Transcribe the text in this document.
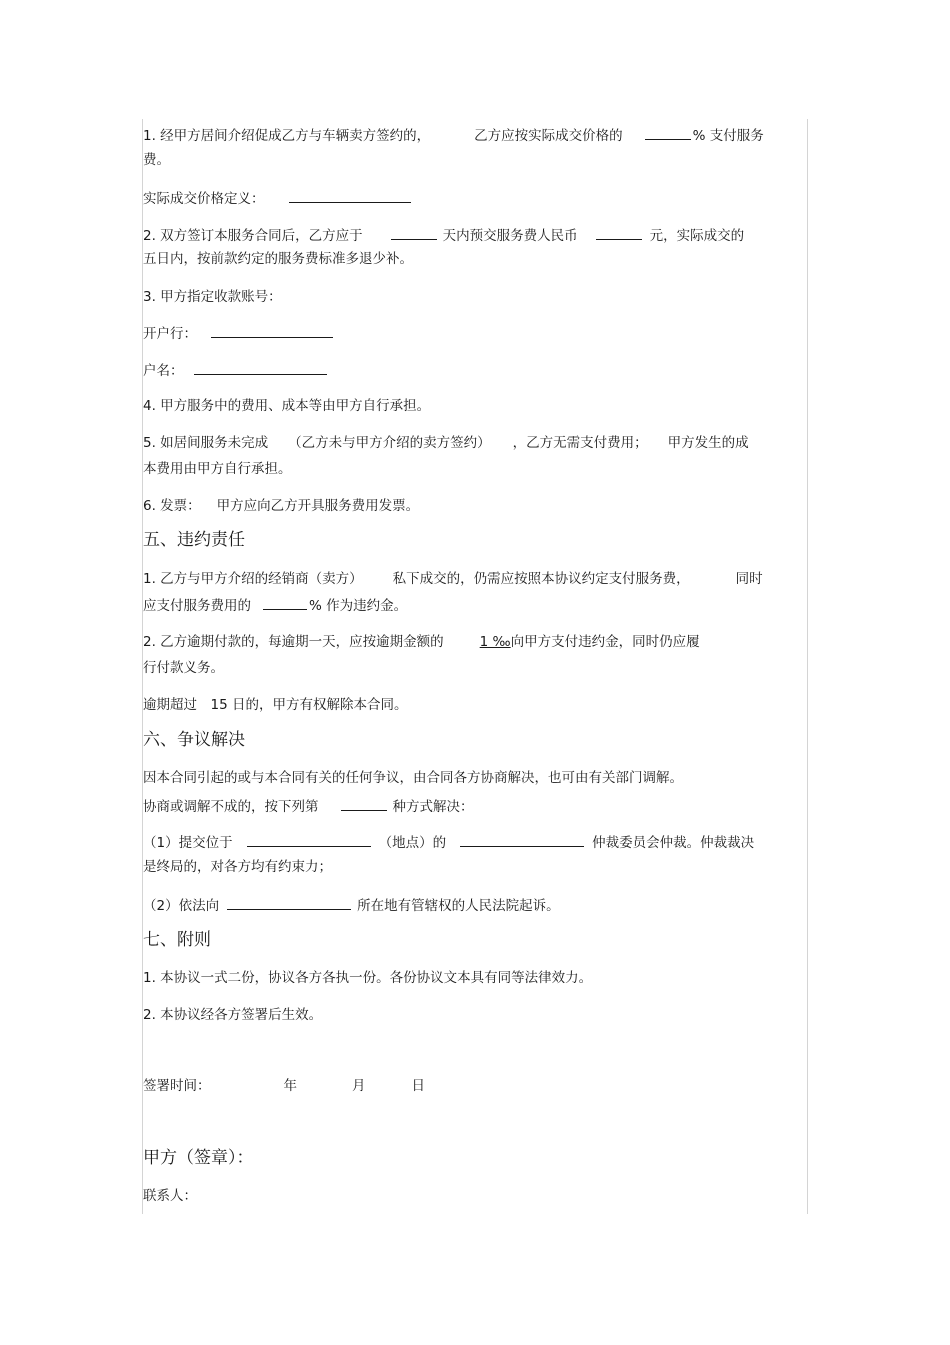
1. 经甲方居间介绍促成乙方与车辆卖方签约的，	乙方应按实际成交价格的	% 支付服务
费。
实际成交价格定义：
2. 双方签订本服务合同后，乙方应于	天内预交服务费人民币	元，实际成交的
五日内，按前款约定的服务费标准多退少补。
3. 甲方指定收款账号：
开户行：
户名：
4. 甲方服务中的费用、成本等由甲方自行承担。
5. 如居间服务未完成 （乙方未与甲方介绍的卖方签约） ，乙方无需支付费用； 甲方发生的成
本费用由甲方自行承担。
6. 发票： 甲方应向乙方开具服务费用发票。
五、违约责任
1. 乙方与甲方介绍的经销商（卖方） 私下成交的，仍需应按照本协议约定支付服务费，	同时
应支付服务费用的	% 作为违约金。
2. 乙方逾期付款的，每逾期一天，应按逾期金额的	1 ‰向甲方支付违约金，同时仍应履
行付款义务。
逾期超过　15 日的，甲方有权解除本合同。
六、争议解决
因本合同引起的或与本合同有关的任何争议，由合同各方协商解决，也可由有关部门调解。
协商或调解不成的，按下列第	种方式解决：
（1）提交位于	（地点）的	仲裁委员会仲裁。仲裁裁决
是终局的，对各方均有约束力；
（2）依法向	所在地有管辖权的人民法院起诉。
七、附则
1. 本协议一式二份，协议各方各执一份。各份协议文本具有同等法律效力。
2. 本协议经各方签署后生效。
签署时间：	年	月	日
甲方（签章）：
联系人：
